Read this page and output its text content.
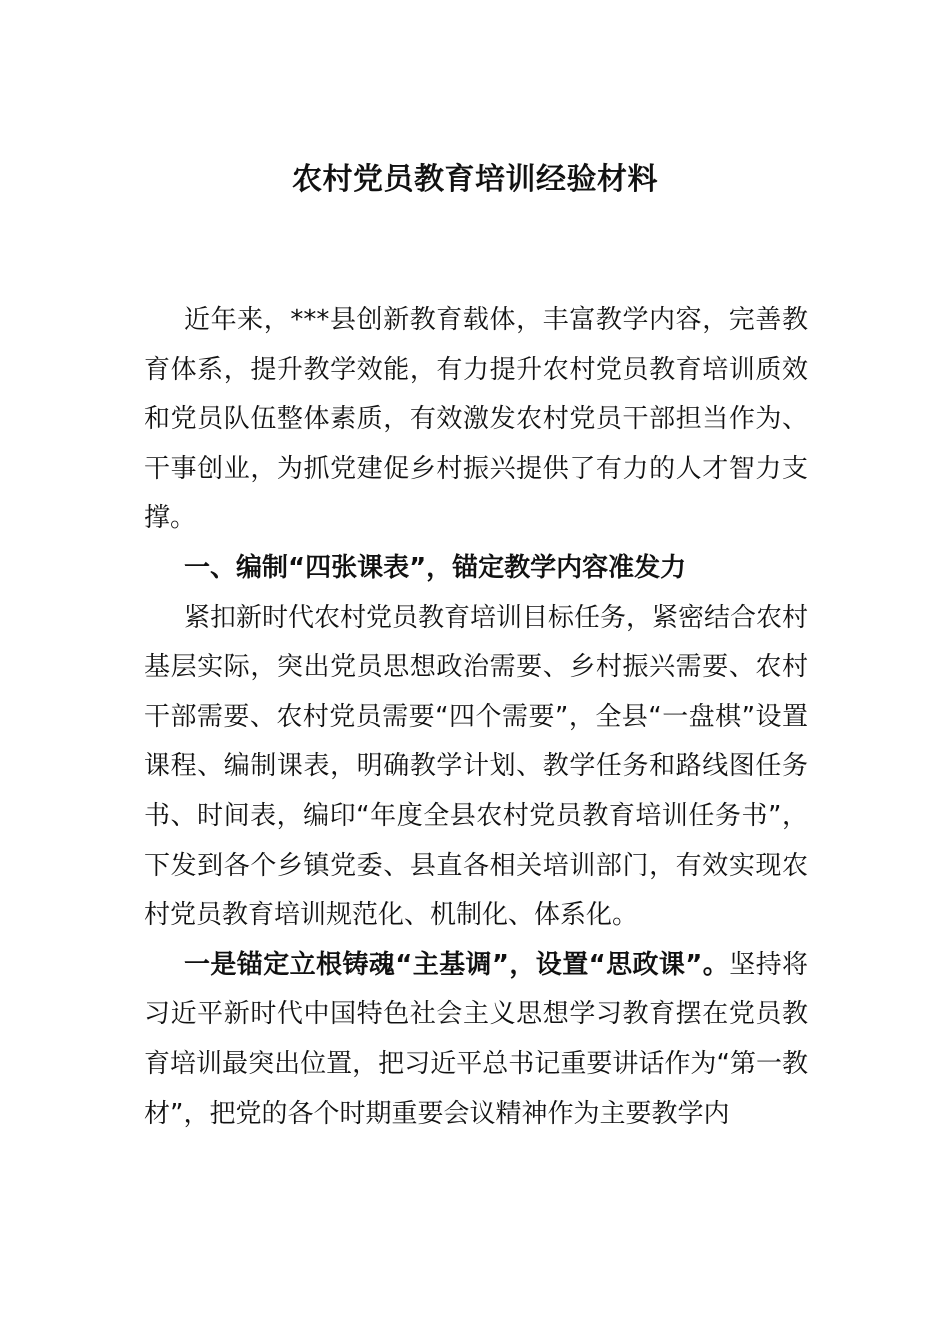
农村党员教育培训经验材料

近年来，***县创新教育载体，丰富教学内容，完善教育体系，提升教学效能，有力提升农村党员教育培训质效和党员队伍整体素质，有效激发农村党员干部担当作为、干事创业，为抓党建促乡村振兴提供了有力的人才智力支撑。

一、编制“四张课表”，锚定教学内容准发力

紧扣新时代农村党员教育培训目标任务，紧密结合农村基层实际，突出党员思想政治需要、乡村振兴需要、农村干部需要、农村党员需要“四个需要”，全县“一盘棋”设置课程、编制课表，明确教学计划、教学任务和路线图任务书、时间表，编印“年度全县农村党员教育培训任务书”，下发到各个乡镇党委、县直各相关培训部门，有效实现农村党员教育培训规范化、机制化、体系化。

一是锚定立根铸魂“主基调”，设置“思政课”。坚持将习近平新时代中国特色社会主义思想学习教育摆在党员教育培训最突出位置，把习近平总书记重要讲话作为“第一教材”，把党的各个时期重要会议精神作为主要教学内
